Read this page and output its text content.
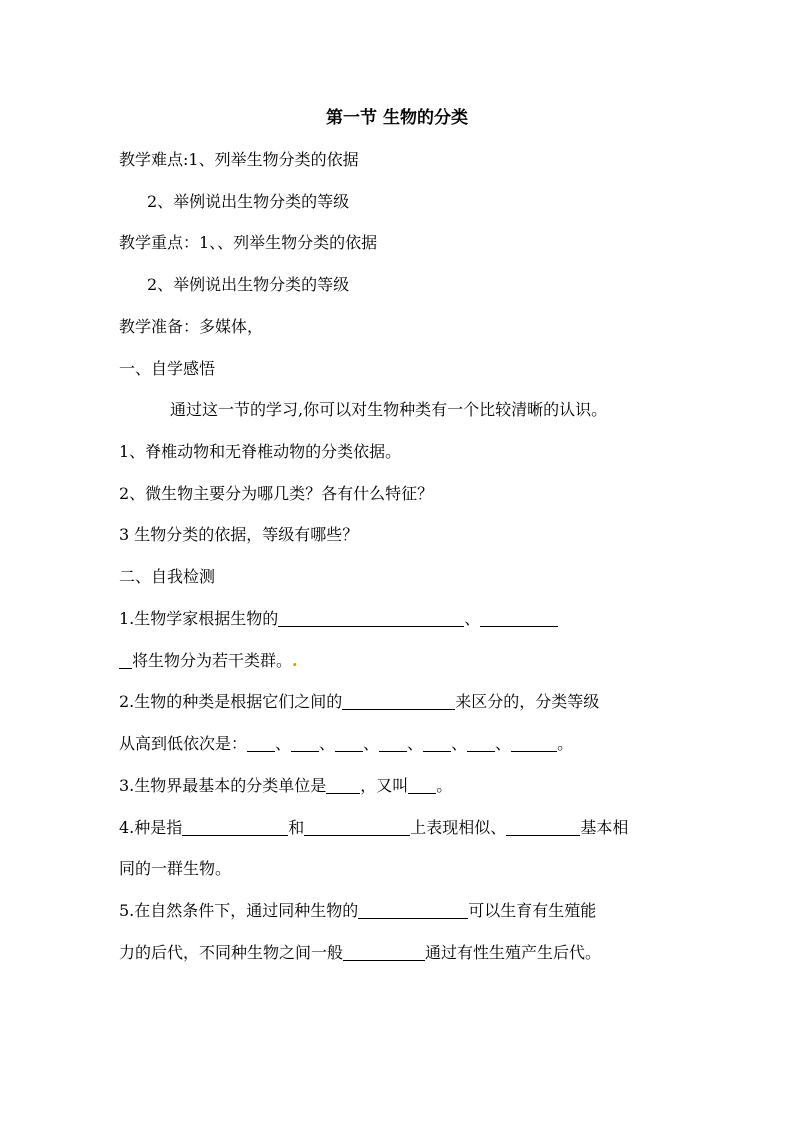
第一节 生物的分类
教学难点:1、列举生物分类的依据
2、举例说出生物分类的等级
教学重点：1、、列举生物分类的依据
2、举例说出生物分类的等级
教学准备：多媒体，
一、自学感悟
通过这一节的学习,你可以对生物种类有一个比较清晰的认识。
1、脊椎动物和无脊椎动物的分类依据。
2、微生物主要分为哪几类？各有什么特征？
3 生物分类的依据，等级有哪些？
二、自我检测
1.生物学家根据生物的	、
将生物分为若干类群。.
2.生物的种类是根据它们之间的	来区分的，分类等级
从高到低依次是： 、 、 、 、 、 、	。
3.生物界最基本的分类单位是 ，又叫 。
4.种是指	和	上表现相似、	基本相
同的一群生物。
5.在自然条件下，通过同种生物的	可以生育有生殖能
力的后代，不同种生物之间一般	通过有性生殖产生后代。
